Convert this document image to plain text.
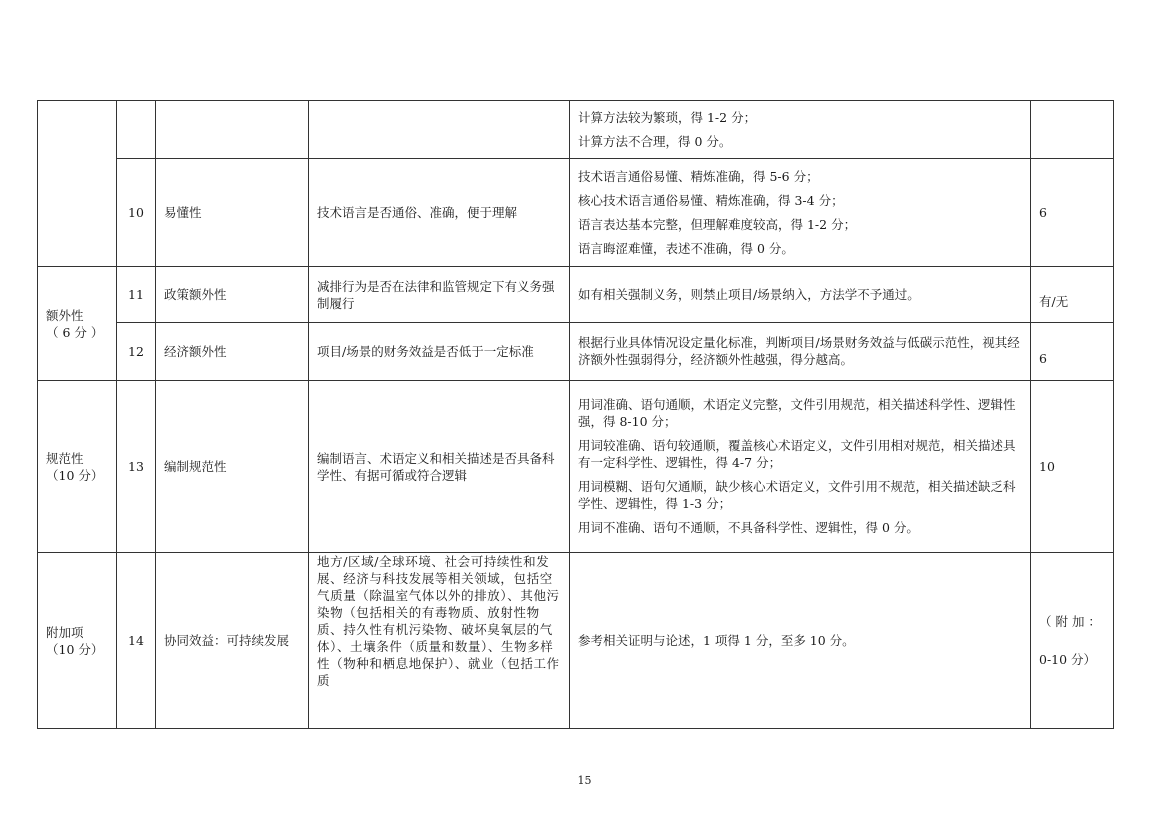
				计算方法较为繁琐，得 1-2 分；
计算方法不合理，得 0 分。	

	10	易懂性	技术语言是否通俗、准确，便于理解	技术语言通俗易懂、精炼准确，得 5-6 分；
核心技术语言通俗易懂、精炼准确，得 3-4 分；
语言表达基本完整，但理解难度较高，得 1-2 分；
语言晦涩难懂，表述不准确，得 0 分。	6

额外性
（ 6 分 ）	11	政策额外性	减排行为是否在法律和监管规定下有义务强制履行	如有相关强制义务，则禁止项目/场景纳入，方法学不予通过。	有/无
	12	经济额外性	项目/场景的财务效益是否低于一定标准	根据行业具体情况设定量化标准，判断项目/场景财务效益与低碳示范性，视其经济额外性强弱得分，经济额外性越强，得分越高。	6

规范性
（10 分）	13	编制规范性	编制语言、术语定义和相关描述是否具备科学性、有据可循或符合逻辑	用词准确、语句通顺，术语定义完整，文件引用规范，相关描述科学性、逻辑性强，得 8-10 分；
用词较准确、语句较通顺，覆盖核心术语定义，文件引用相对规范，相关描述具有一定科学性、逻辑性，得 4-7 分；
用词模糊、语句欠通顺，缺少核心术语定义，文件引用不规范，相关描述缺乏科学性、逻辑性，得 1-3 分；
用词不准确、语句不通顺，不具备科学性、逻辑性，得 0 分。	10

附加项
（10 分）	14	协同效益：可持续发展	地方/区域/全球环境、社会可持续性和发展、经济与科技发展等相关领域，包括空气质量（除温室气体以外的排放）、其他污染物（包括相关的有毒物质、放射性物质、持久性有机污染物、破坏臭氧层的气体）、土壤条件（质量和数量）、生物多样性（物种和栖息地保护）、就业（包括工作质	参考相关证明与论述，1 项得 1 分，至多 10 分。	（ 附 加 ：
0-10 分）
15
